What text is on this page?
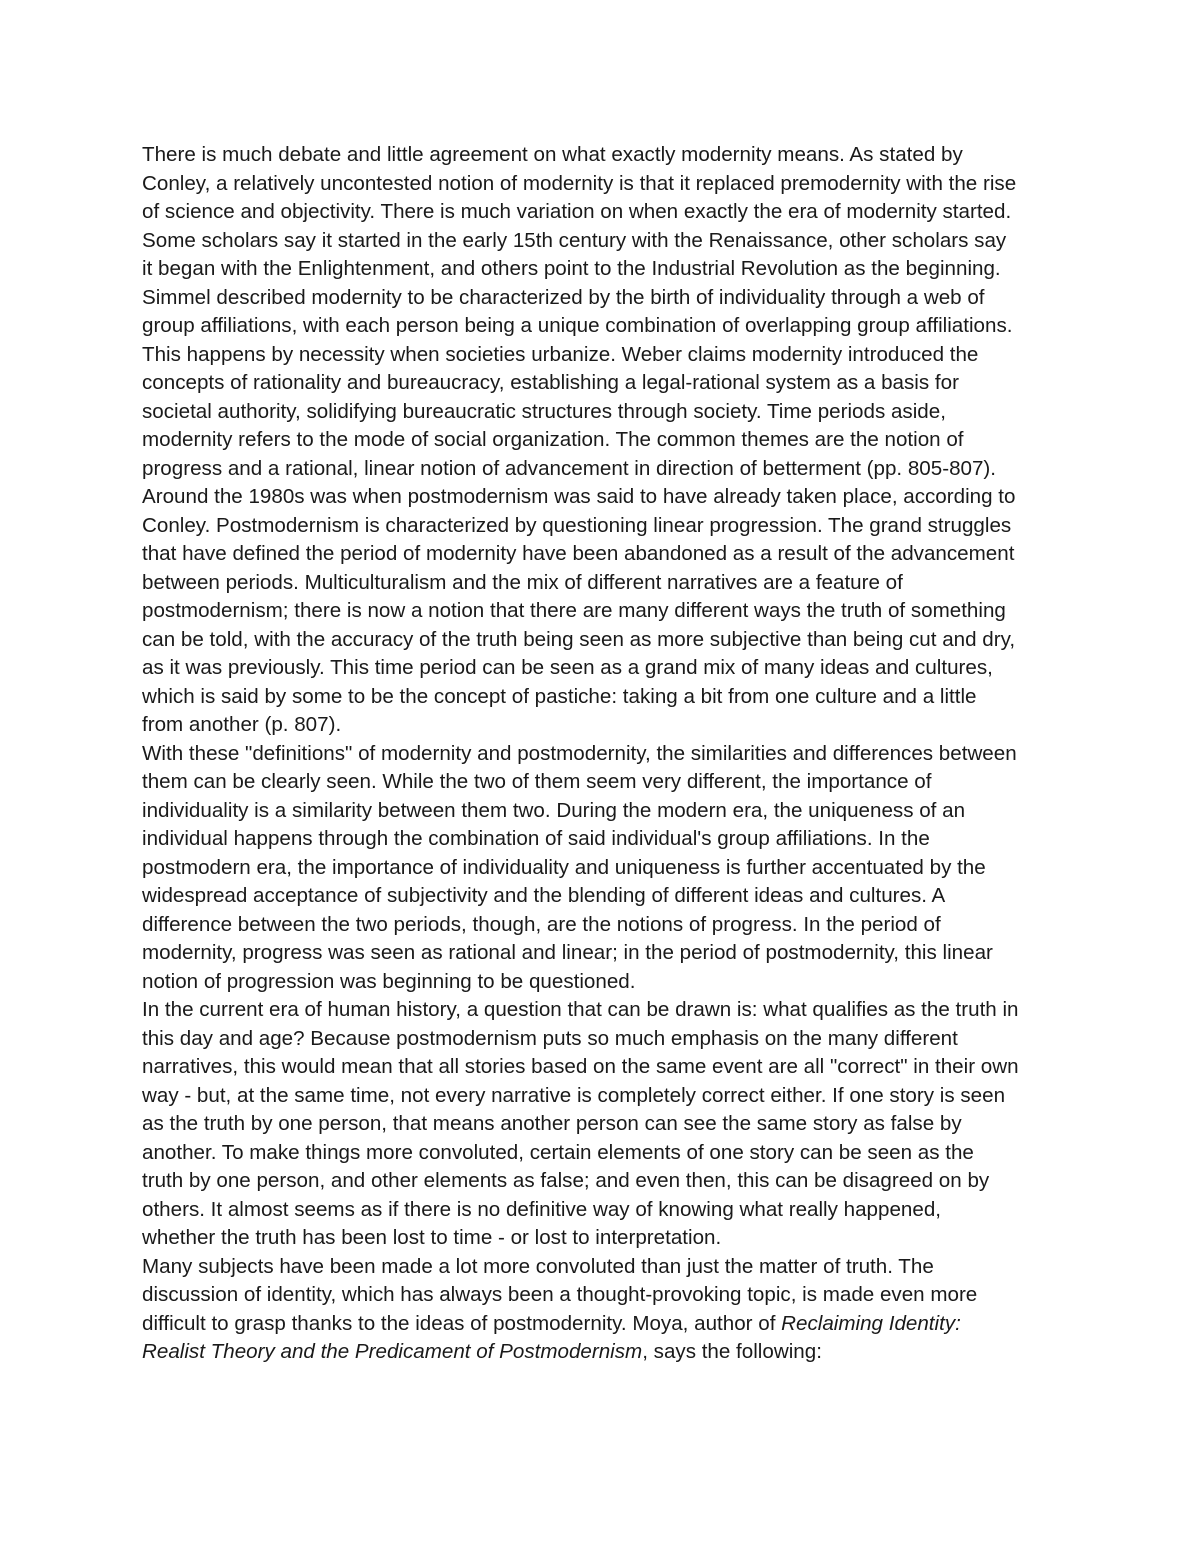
There is much debate and little agreement on what exactly modernity means. As stated by
Conley, a relatively uncontested notion of modernity is that it replaced premodernity with the rise
of science and objectivity. There is much variation on when exactly the era of modernity started.
Some scholars say it started in the early 15th century with the Renaissance, other scholars say
it began with the Enlightenment, and others point to the Industrial Revolution as the beginning.
Simmel described modernity to be characterized by the birth of individuality through a web of
group affiliations, with each person being a unique combination of overlapping group affiliations.
This happens by necessity when societies urbanize. Weber claims modernity introduced the
concepts of rationality and bureaucracy, establishing a legal-rational system as a basis for
societal authority, solidifying bureaucratic structures through society. Time periods aside,
modernity refers to the mode of social organization. The common themes are the notion of
progress and a rational, linear notion of advancement in direction of betterment (pp. 805-807).
Around the 1980s was when postmodernism was said to have already taken place, according to
Conley. Postmodernism is characterized by questioning linear progression. The grand struggles
that have defined the period of modernity have been abandoned as a result of the advancement
between periods. Multiculturalism and the mix of different narratives are a feature of
postmodernism; there is now a notion that there are many different ways the truth of something
can be told, with the accuracy of the truth being seen as more subjective than being cut and dry,
as it was previously. This time period can be seen as a grand mix of many ideas and cultures,
which is said by some to be the concept of pastiche: taking a bit from one culture and a little
from another (p. 807).
With these "definitions" of modernity and postmodernity, the similarities and differences between
them can be clearly seen. While the two of them seem very different, the importance of
individuality is a similarity between them two. During the modern era, the uniqueness of an
individual happens through the combination of said individual's group affiliations. In the
postmodern era, the importance of individuality and uniqueness is further accentuated by the
widespread acceptance of subjectivity and the blending of different ideas and cultures. A
difference between the two periods, though, are the notions of progress. In the period of
modernity, progress was seen as rational and linear; in the period of postmodernity, this linear
notion of progression was beginning to be questioned.
In the current era of human history, a question that can be drawn is: what qualifies as the truth in
this day and age? Because postmodernism puts so much emphasis on the many different
narratives, this would mean that all stories based on the same event are all "correct" in their own
way - but, at the same time, not every narrative is completely correct either. If one story is seen
as the truth by one person, that means another person can see the same story as false by
another. To make things more convoluted, certain elements of one story can be seen as the
truth by one person, and other elements as false; and even then, this can be disagreed on by
others. It almost seems as if there is no definitive way of knowing what really happened,
whether the truth has been lost to time - or lost to interpretation.
Many subjects have been made a lot more convoluted than just the matter of truth. The
discussion of identity, which has always been a thought-provoking topic, is made even more
difficult to grasp thanks to the ideas of postmodernity. Moya, author of Reclaiming Identity:
Realist Theory and the Predicament of Postmodernism, says the following:
